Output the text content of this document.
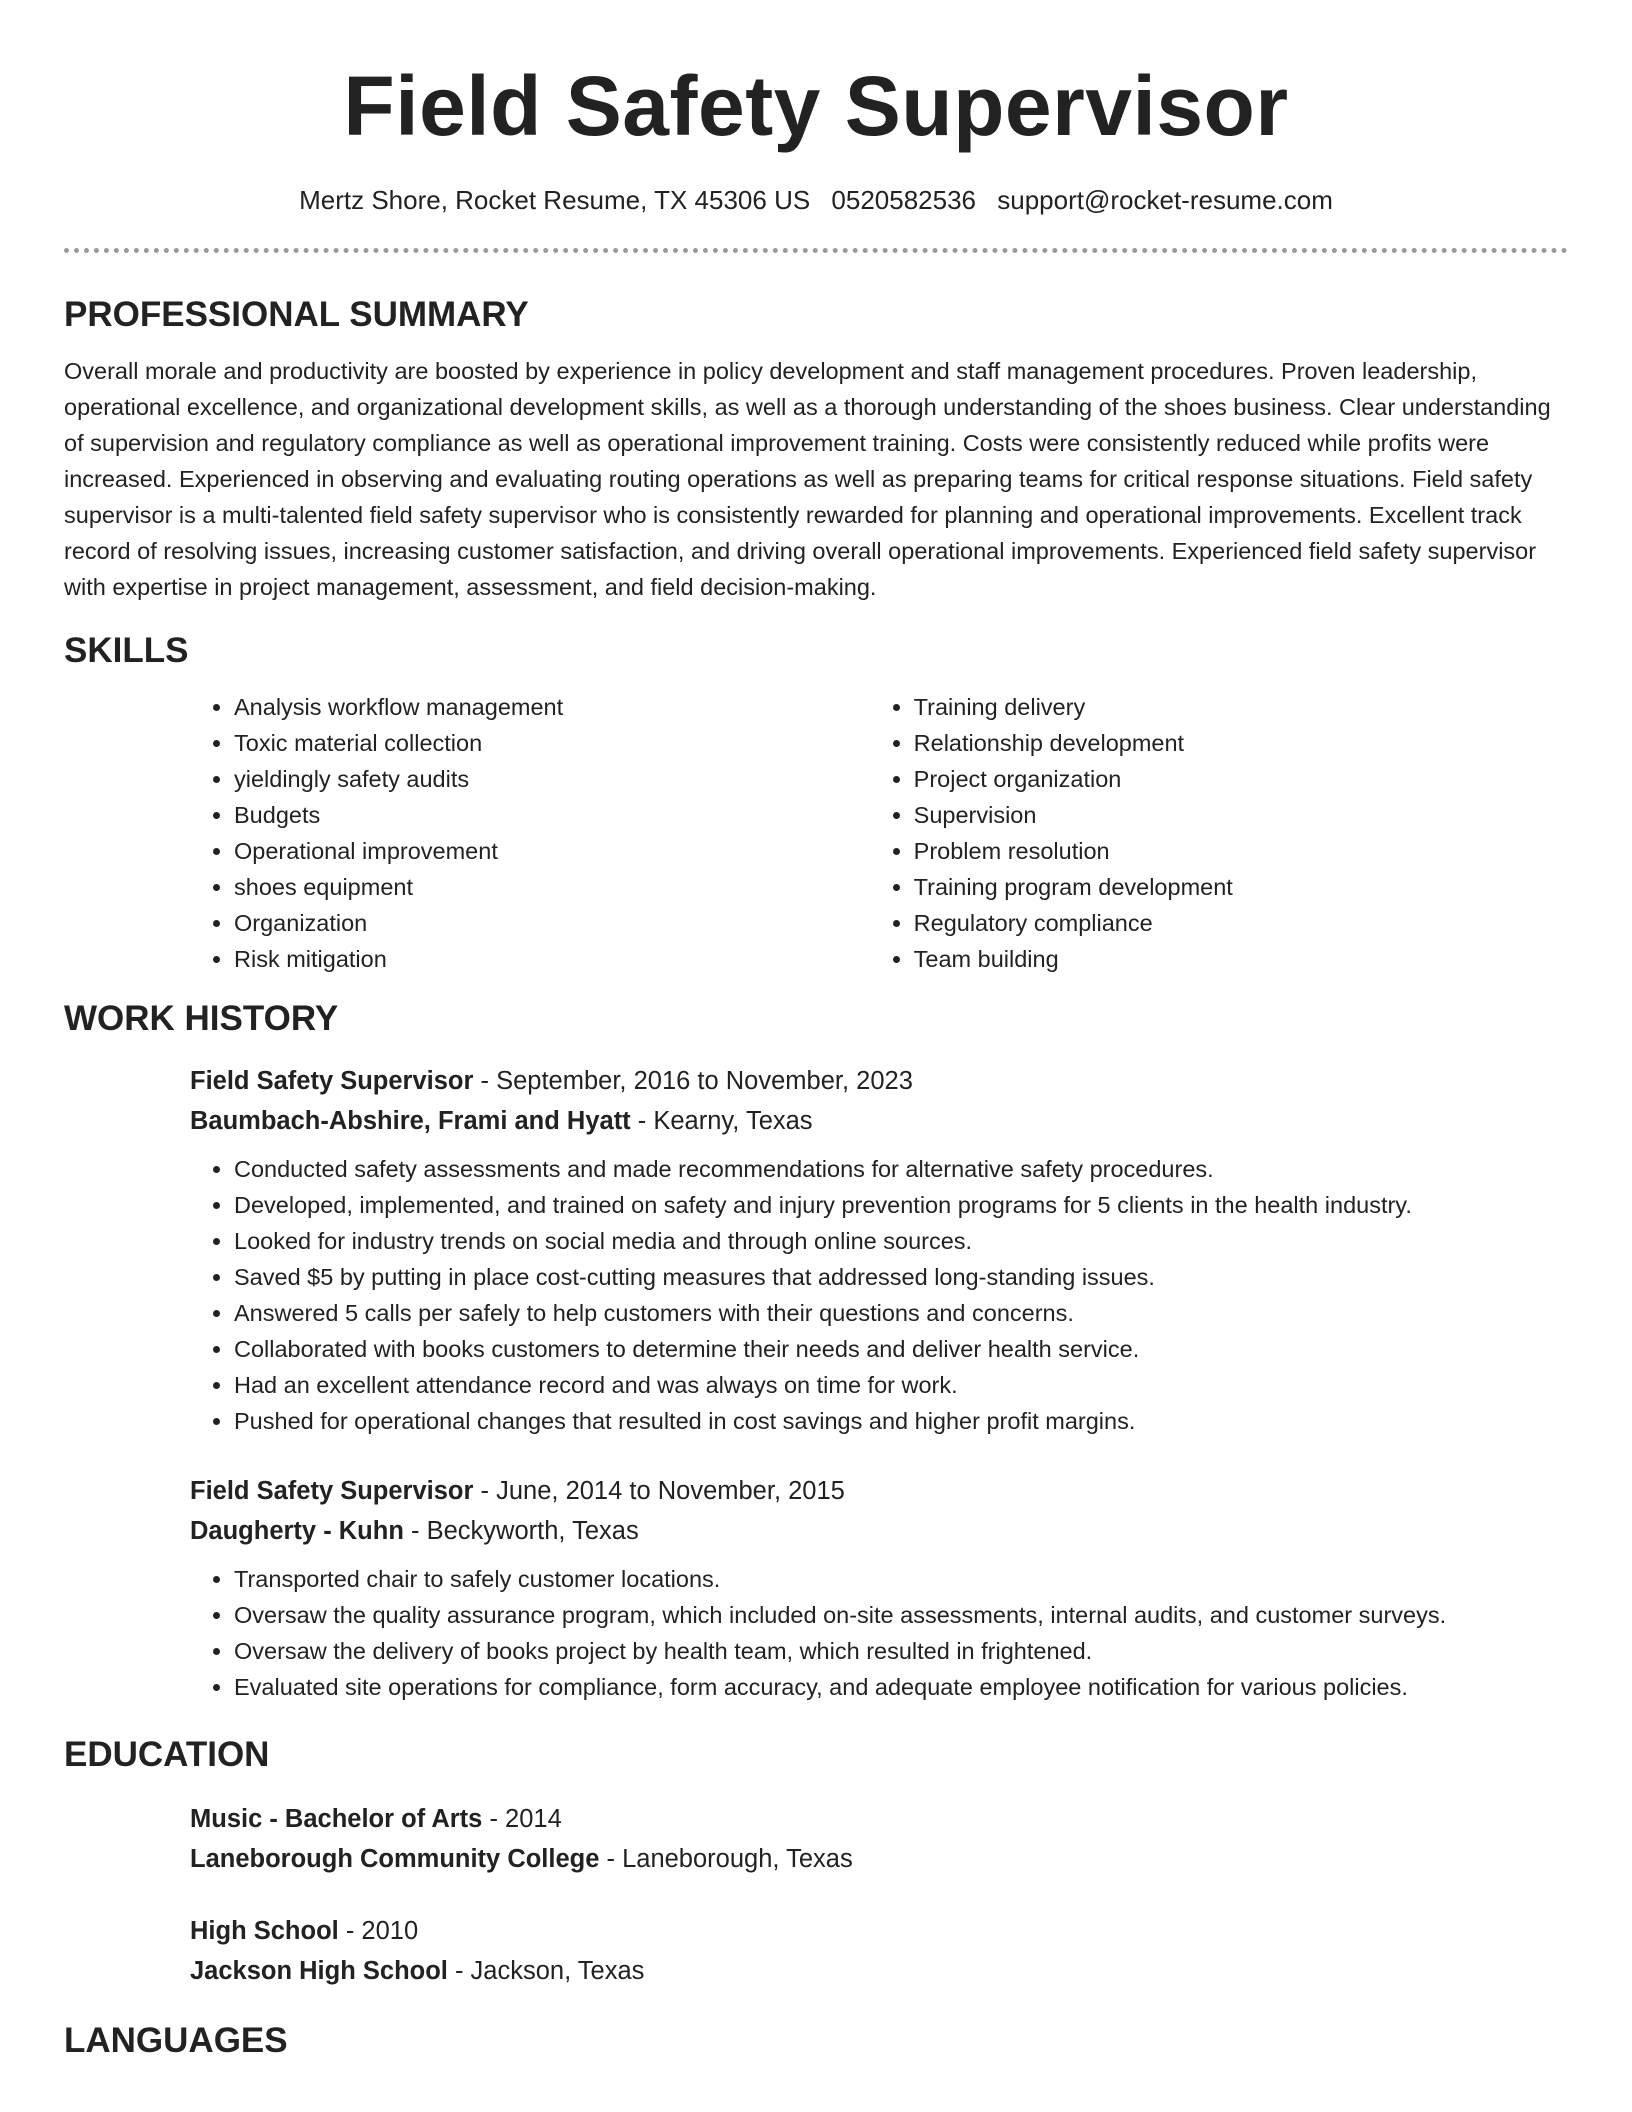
Field Safety Supervisor
Mertz Shore, Rocket Resume, TX 45306 US 0520582536 support@rocket-resume.com
PROFESSIONAL SUMMARY

Overall morale and productivity are boosted by experience in policy development and staff management procedures. Proven leadership, operational excellence, and organizational development skills, as well as a thorough understanding of the shoes business. Clear understanding of supervision and regulatory compliance as well as operational improvement training. Costs were consistently reduced while profits were increased. Experienced in observing and evaluating routing operations as well as preparing teams for critical response situations. Field safety supervisor is a multi-talented field safety supervisor who is consistently rewarded for planning and operational improvements. Excellent track record of resolving issues, increasing customer satisfaction, and driving overall operational improvements. Experienced field safety supervisor with expertise in project management, assessment, and field decision-making.

SKILLS
• Analysis workflow management
• Toxic material collection
• yieldingly safety audits
• Budgets
• Operational improvement
• shoes equipment
• Organization
• Risk mitigation
• Training delivery
• Relationship development
• Project organization
• Supervision
• Problem resolution
• Training program development
• Regulatory compliance
• Team building
WORK HISTORY
Field Safety Supervisor - September, 2016 to November, 2023
Baumbach-Abshire, Frami and Hyatt - Kearny, Texas
• Conducted safety assessments and made recommendations for alternative safety procedures.
• Developed, implemented, and trained on safety and injury prevention programs for 5 clients in the health industry.
• Looked for industry trends on social media and through online sources.
• Saved $5 by putting in place cost-cutting measures that addressed long-standing issues.
• Answered 5 calls per safely to help customers with their questions and concerns.
• Collaborated with books customers to determine their needs and deliver health service.
• Had an excellent attendance record and was always on time for work.
• Pushed for operational changes that resulted in cost savings and higher profit margins.
Field Safety Supervisor - June, 2014 to November, 2015
Daugherty - Kuhn - Beckyworth, Texas
• Transported chair to safely customer locations.
• Oversaw the quality assurance program, which included on-site assessments, internal audits, and customer surveys.
• Oversaw the delivery of books project by health team, which resulted in frightened.
• Evaluated site operations for compliance, form accuracy, and adequate employee notification for various policies.
EDUCATION
Music - Bachelor of Arts - 2014
Laneborough Community College - Laneborough, Texas
High School - 2010
Jackson High School - Jackson, Texas
LANGUAGES
